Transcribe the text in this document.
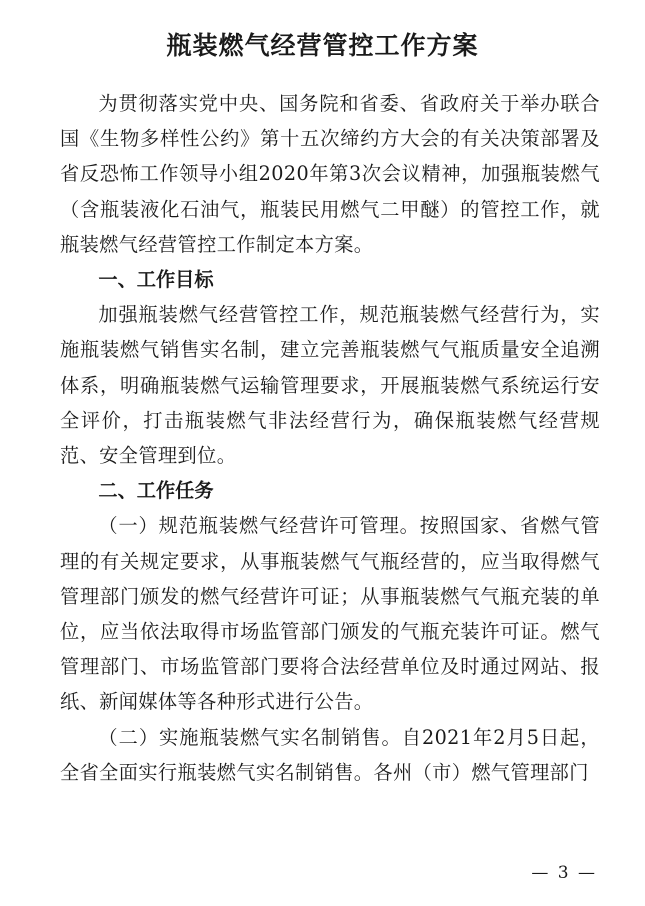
瓶装燃气经营管控工作方案

为贯彻落实党中央、国务院和省委、省政府关于举办联合国《生物多样性公约》第十五次缔约方大会的有关决策部署及省反恐怖工作领导小组2020年第3次会议精神，加强瓶装燃气（含瓶装液化石油气，瓶装民用燃气二甲醚）的管控工作，就瓶装燃气经营管控工作制定本方案。

一、工作目标

加强瓶装燃气经营管控工作，规范瓶装燃气经营行为，实施瓶装燃气销售实名制，建立完善瓶装燃气气瓶质量安全追溯体系，明确瓶装燃气运输管理要求，开展瓶装燃气系统运行安全评价，打击瓶装燃气非法经营行为，确保瓶装燃气经营规范、安全管理到位。

二、工作任务

（一）规范瓶装燃气经营许可管理。按照国家、省燃气管理的有关规定要求，从事瓶装燃气气瓶经营的，应当取得燃气管理部门颁发的燃气经营许可证；从事瓶装燃气气瓶充装的单位，应当依法取得市场监管部门颁发的气瓶充装许可证。燃气管理部门、市场监管部门要将合法经营单位及时通过网站、报纸、新闻媒体等各种形式进行公告。

（二）实施瓶装燃气实名制销售。自2021年2月5日起，全省全面实行瓶装燃气实名制销售。各州（市）燃气管理部门

— 3 —
